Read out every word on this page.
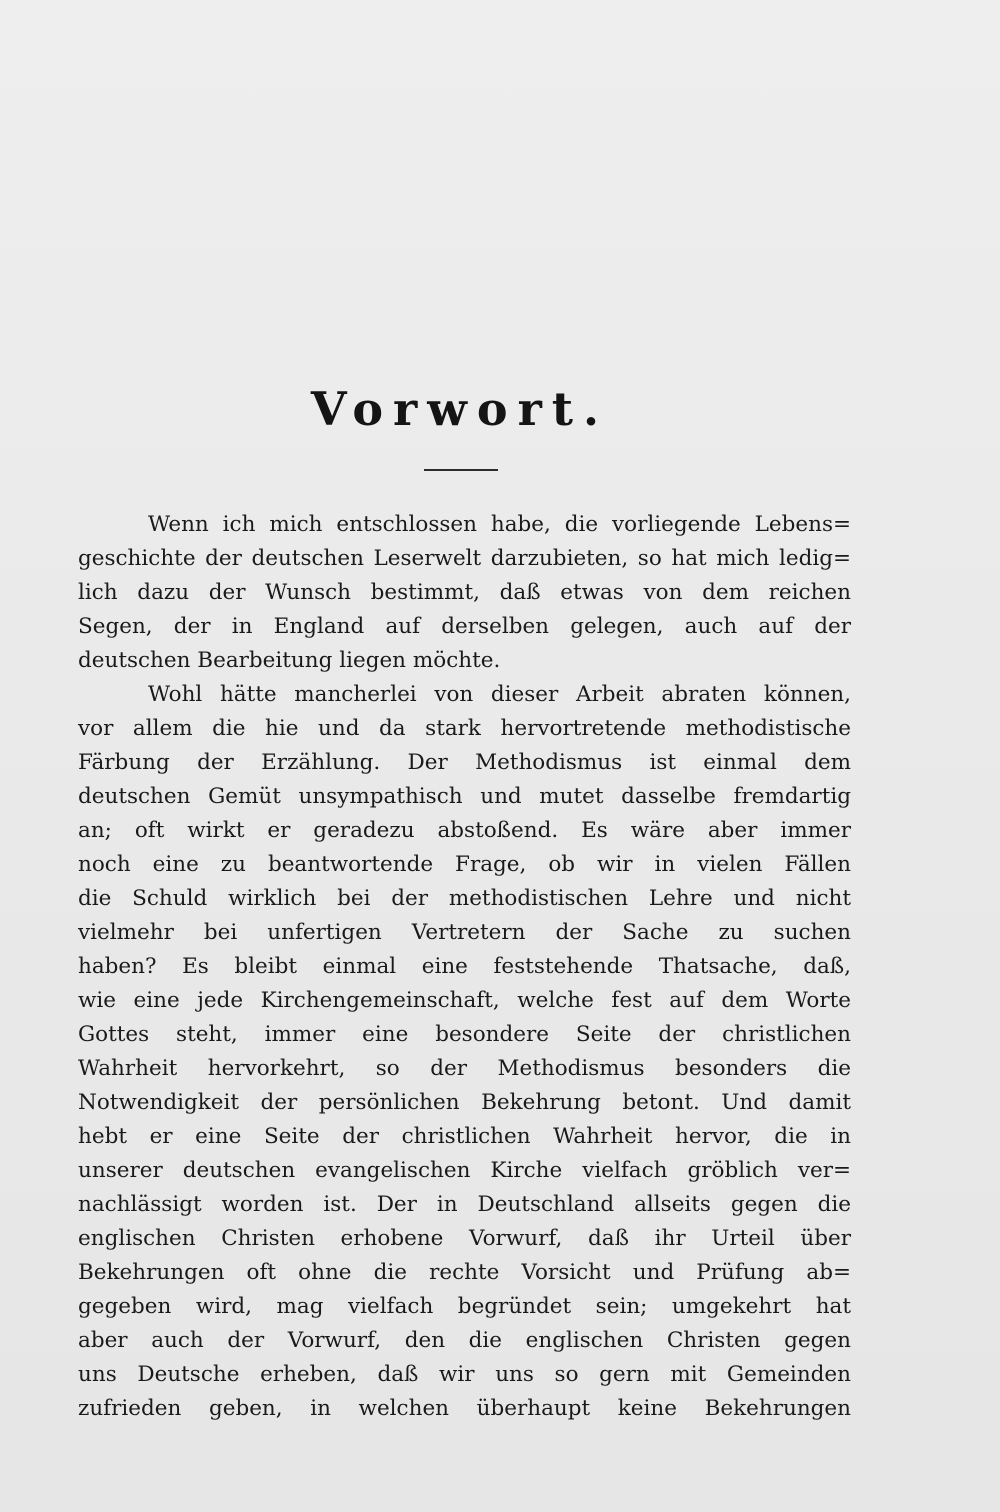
Vorwort.
Wenn ich mich entschlossen habe, die vorliegende Lebens=
geschichte der deutschen Leserwelt darzubieten, so hat mich ledig=
lich dazu der Wunsch bestimmt, daß etwas von dem reichen
Segen, der in England auf derselben gelegen, auch auf der
deutschen Bearbeitung liegen möchte.
Wohl hätte mancherlei von dieser Arbeit abraten können,
vor allem die hie und da stark hervortretende methodistische
Färbung der Erzählung. Der Methodismus ist einmal dem
deutschen Gemüt unsympathisch und mutet dasselbe fremdartig
an; oft wirkt er geradezu abstoßend. Es wäre aber immer
noch eine zu beantwortende Frage, ob wir in vielen Fällen
die Schuld wirklich bei der methodistischen Lehre und nicht
vielmehr bei unfertigen Vertretern der Sache zu suchen
haben? Es bleibt einmal eine feststehende Thatsache, daß,
wie eine jede Kirchengemeinschaft, welche fest auf dem Worte
Gottes steht, immer eine besondere Seite der christlichen
Wahrheit hervorkehrt, so der Methodismus besonders die
Notwendigkeit der persönlichen Bekehrung betont. Und damit
hebt er eine Seite der christlichen Wahrheit hervor, die in
unserer deutschen evangelischen Kirche vielfach gröblich ver=
nachlässigt worden ist. Der in Deutschland allseits gegen die
englischen Christen erhobene Vorwurf, daß ihr Urteil über
Bekehrungen oft ohne die rechte Vorsicht und Prüfung ab=
gegeben wird, mag vielfach begründet sein; umgekehrt hat
aber auch der Vorwurf, den die englischen Christen gegen
uns Deutsche erheben, daß wir uns so gern mit Gemeinden
zufrieden geben, in welchen überhaupt keine Bekehrungen
